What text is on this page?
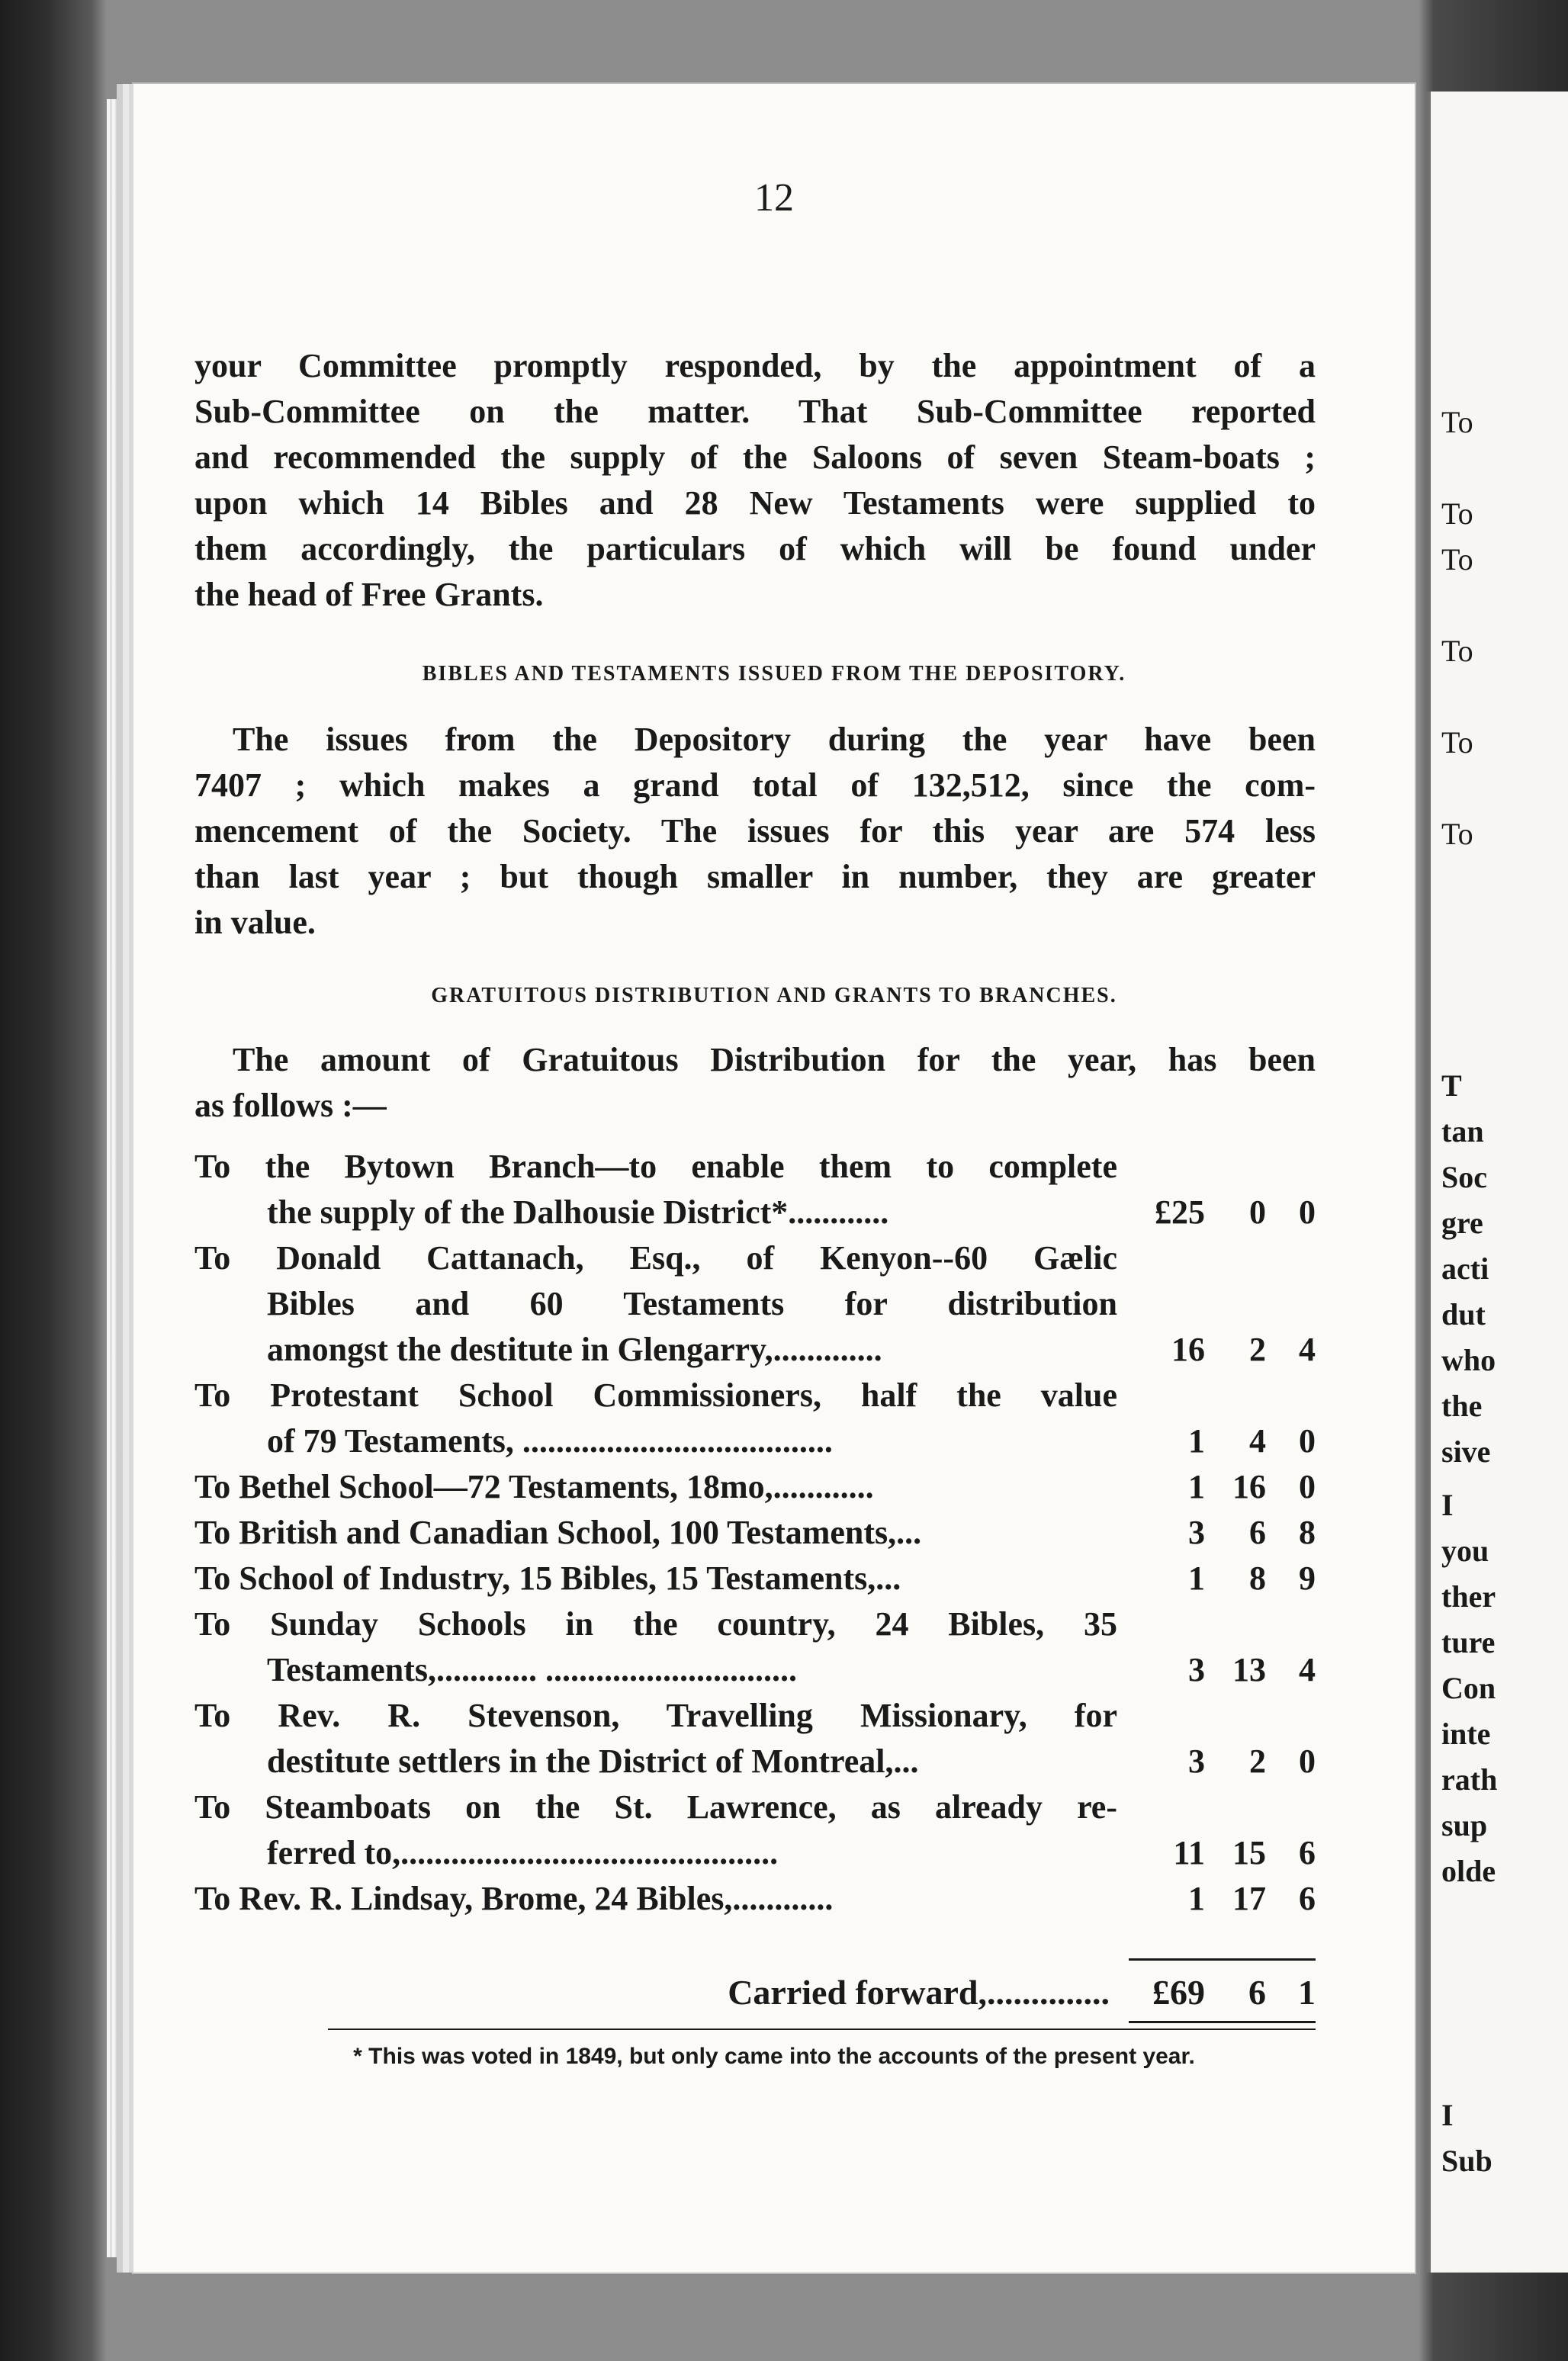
To
To
To
To
To
To
T
tan
Soc
gre
acti
dut
who
the
sive
I
you
ther
ture
Con
inte
rath
sup
olde
I
Sub
12
your Committee promptly responded, by the appointment of a
Sub-Committee on the matter. That Sub-Committee reported
and recommended the supply of the Saloons of seven Steam-boats ;
upon which 14 Bibles and 28 New Testaments were supplied to
them accordingly, the particulars of which will be found under
the head of Free Grants.
BIBLES AND TESTAMENTS ISSUED FROM THE DEPOSITORY.
The issues from the Depository during the year have been
7407 ; which makes a grand total of 132,512, since the com-
mencement of the Society. The issues for this year are 574 less
than last year ; but though smaller in number, they are greater
in value.
GRATUITOUS DISTRIBUTION AND GRANTS TO BRANCHES.
The amount of Gratuitous Distribution for the year, has been
as follows :—
To the Bytown Branch—to enable them to complete
the supply of the Dalhousie District*............	£25	0 0
To Donald Cattanach, Esq., of Kenyon--60 Gælic
Bibles and 60 Testaments for distribution
amongst the destitute in Glengarry,.............	16	2 4
To Protestant School Commissioners, half the value
of 79 Testaments, .....................................	1	4 0
To Bethel School—72 Testaments, 18mo,............	1 16 0
To British and Canadian School, 100 Testaments,...	3	6 8
To School of Industry, 15 Bibles, 15 Testaments,...	1	8 9
To Sunday Schools in the country, 24 Bibles, 35
Testaments,............ ..............................	3 13 4
To Rev. R. Stevenson, Travelling Missionary, for
destitute settlers in the District of Montreal,...	3	2 0
To Steamboats on the St. Lawrence, as already re-
ferred to,.............................................	11 15 6
To Rev. R. Lindsay, Brome, 24 Bibles,............	1 17 6
Carried forward,..............	£69	6 1
* This was voted in 1849, but only came into the accounts of the present year.
